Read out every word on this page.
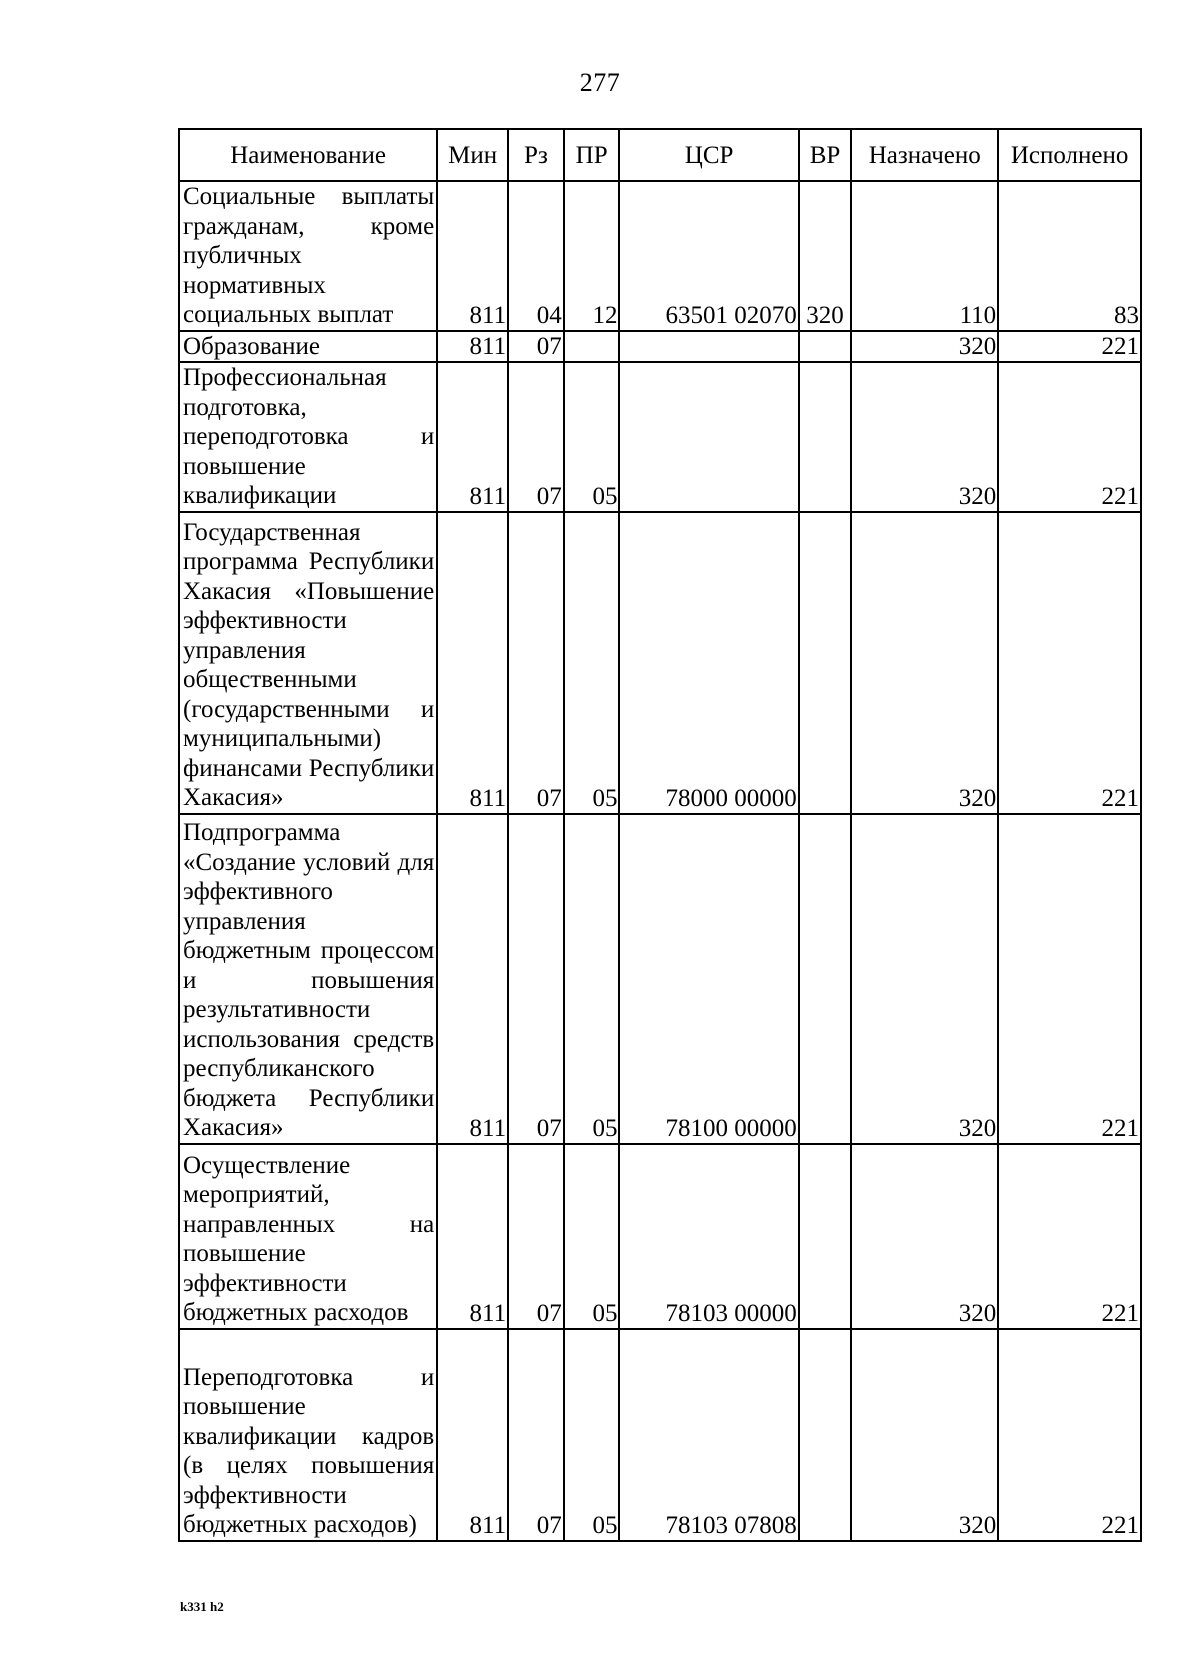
277
Наименование	Мин	Рз	ПР	ЦСР	ВР	Назначено	Исполнено
Социальные выплаты гражданам, кроме публичных нормативных социальных выплат	811	04	12	63501 02070	320	110	83
Образование	811	07				320	221
Профессиональная подготовка, переподготовка и повышение квалификации	811	07	05			320	221
Государственная программа Республики Хакасия «Повышение эффективности управления общественными (государственными и муниципальными) финансами Республики Хакасия»	811	07	05	78000 00000		320	221
Подпрограмма «Создание условий для эффективного управления бюджетным процессом и повышения результативности использования средств республиканского бюджета Республики Хакасия»	811	07	05	78100 00000		320	221
Осуществление мероприятий, направленных на повышение эффективности бюджетных расходов	811	07	05	78103 00000		320	221
Переподготовка и повышение квалификации кадров (в целях повышения эффективности бюджетных расходов)	811	07	05	78103 07808		320	221
k331 h2
